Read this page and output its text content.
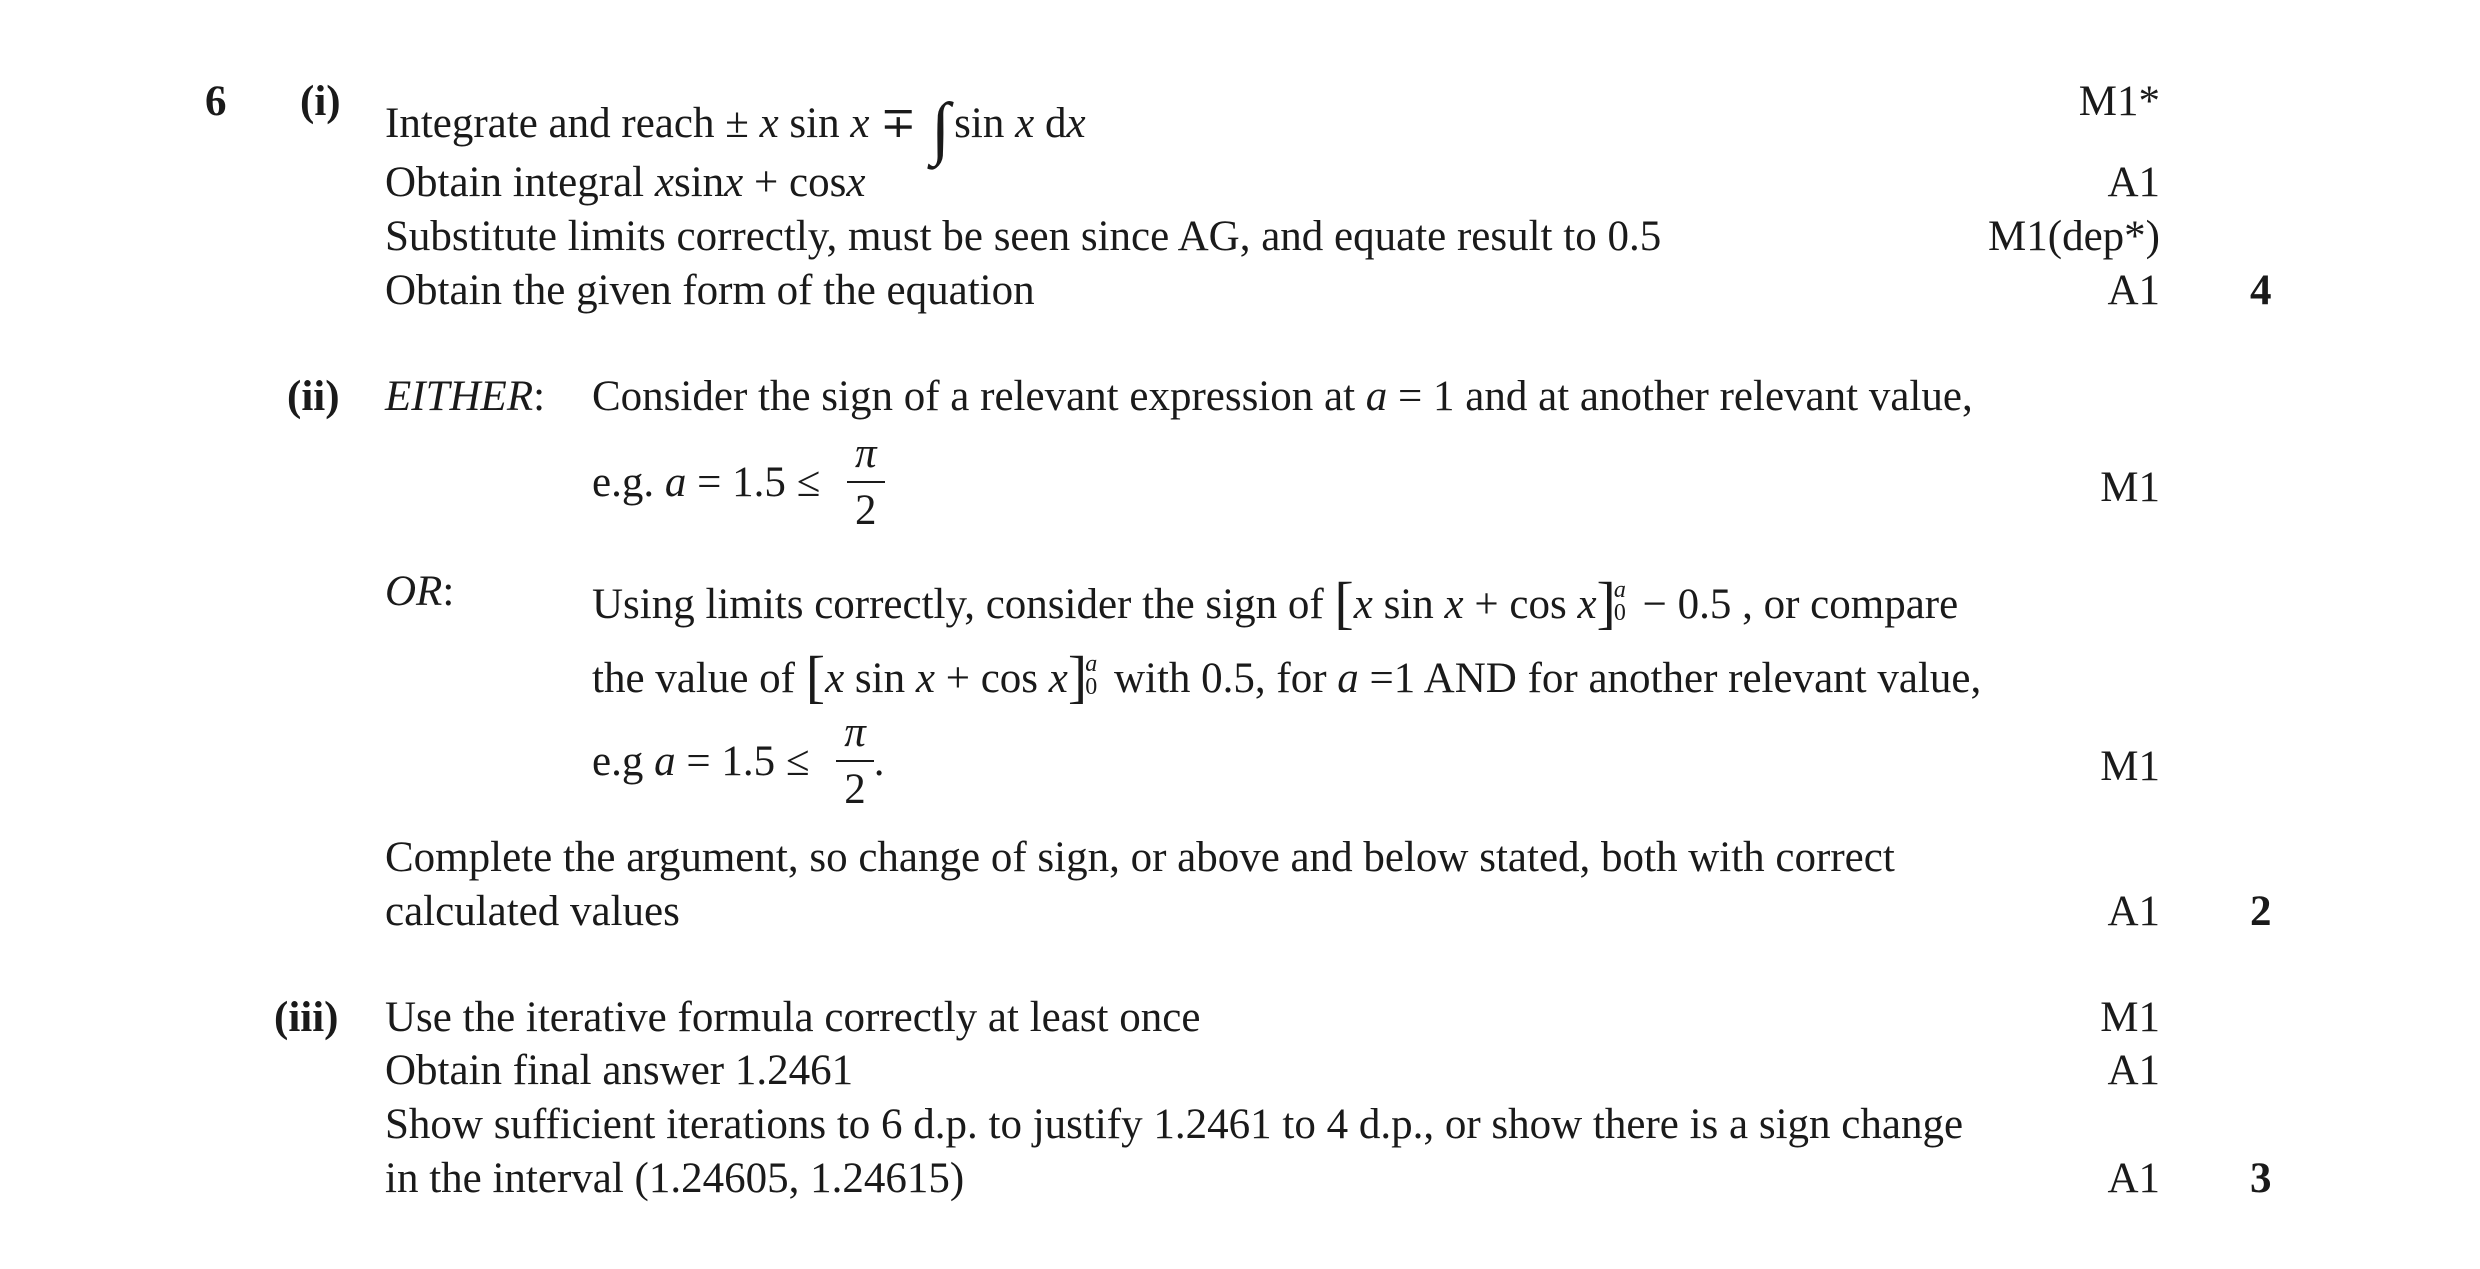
6 (i) Integrate and reach ± x sin x ∓ ∫sin x dx	M1*
Obtain integral xsinx + cosx	A1
Substitute limits correctly, must be seen since AG, and equate result to 0.5	M1(dep*)
Obtain the given form of the equation	A1 4
(ii) EITHER: Consider the sign of a relevant expression at a = 1 and at another relevant value,
e.g. $a = 1.5 \le \frac{\pi}{2}$	M1
OR:	Using limits correctly, consider the sign of [x sin x + cos x]a
0 − 0.5 , or compare
the value of [x sin x + cos x]a
0 with 0.5, for a =1 AND for another relevant value,
e.g $a = 1.5 \le \frac{\pi}{2}$ .	M1
Complete the argument, so change of sign, or above and below stated, both with correct
calculated values	A1 2
(iii) Use the iterative formula correctly at least once	M1
Obtain final answer 1.2461	A1
Show sufficient iterations to 6 d.p. to justify 1.2461 to 4 d.p., or show there is a sign change
in the interval (1.24605, 1.24615)	A1 3
